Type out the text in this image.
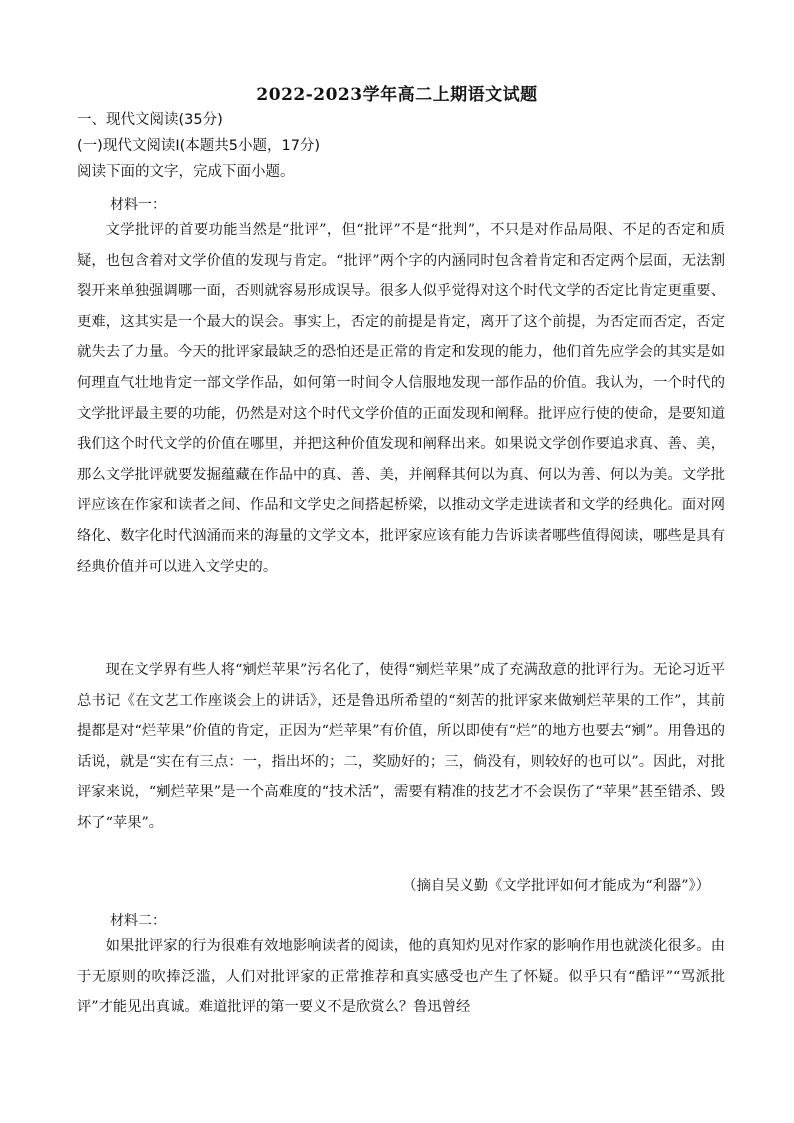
2022-2023学年高二上期语文试题
一、现代文阅读(35分)
(一)现代文阅读I(本题共5小题，17分)
阅读下面的文字，完成下面小题。
材料一：

文学批评的首要功能当然是“批评”，但“批评”不是“批判”，不只是对作品局限、不足的否定和质疑，也包含着对文学价值的发现与肯定。“批评”两个字的内涵同时包含着肯定和否定两个层面，无法割裂开来单独强调哪一面，否则就容易形成误导。很多人似乎觉得对这个时代文学的否定比肯定更重要、更难，这其实是一个最大的误会。事实上，否定的前提是肯定，离开了这个前提，为否定而否定，否定就失去了力量。今天的批评家最缺乏的恐怕还是正常的肯定和发现的能力，他们首先应学会的其实是如何理直气壮地肯定一部文学作品，如何第一时间令人信服地发现一部作品的价值。我认为，一个时代的文学批评最主要的功能，仍然是对这个时代文学价值的正面发现和阐释。批评应行使的使命，是要知道我们这个时代文学的价值在哪里，并把这种价值发现和阐释出来。如果说文学创作要追求真、善、美，那么文学批评就要发掘蕴藏在作品中的真、善、美，并阐释其何以为真、何以为善、何以为美。文学批评应该在作家和读者之间、作品和文学史之间搭起桥梁，以推动文学走进读者和文学的经典化。面对网络化、数字化时代汹涌而来的海量的文学文本，批评家应该有能力告诉读者哪些值得阅读，哪些是具有经典价值并可以进入文学史的。

现在文学界有些人将“剜烂苹果”污名化了，使得“剜烂苹果”成了充满敌意的批评行为。无论习近平总书记《在文艺工作座谈会上的讲话》，还是鲁迅所希望的“刻苦的批评家来做剜烂苹果的工作”，其前提都是对“烂苹果”价值的肯定，正因为“烂苹果”有价值，所以即使有“烂”的地方也要去“剜”。用鲁迅的话说，就是“实在有三点：一，指出坏的；二，奖励好的；三，倘没有，则较好的也可以”。因此，对批评家来说，“剜烂苹果”是一个高难度的“技术活”，需要有精准的技艺才不会误伤了“苹果”甚至错杀、毁坏了“苹果”。

（摘自吴义勤《文学批评如何才能成为“利器”》）
材料二：

如果批评家的行为很难有效地影响读者的阅读，他的真知灼见对作家的影响作用也就淡化很多。由于无原则的吹捧泛滥，人们对批评家的正常推荐和真实感受也产生了怀疑。似乎只有“酷评”“骂派批评”才能见出真诚。难道批评的第一要义不是欣赏么？鲁迅曾经
